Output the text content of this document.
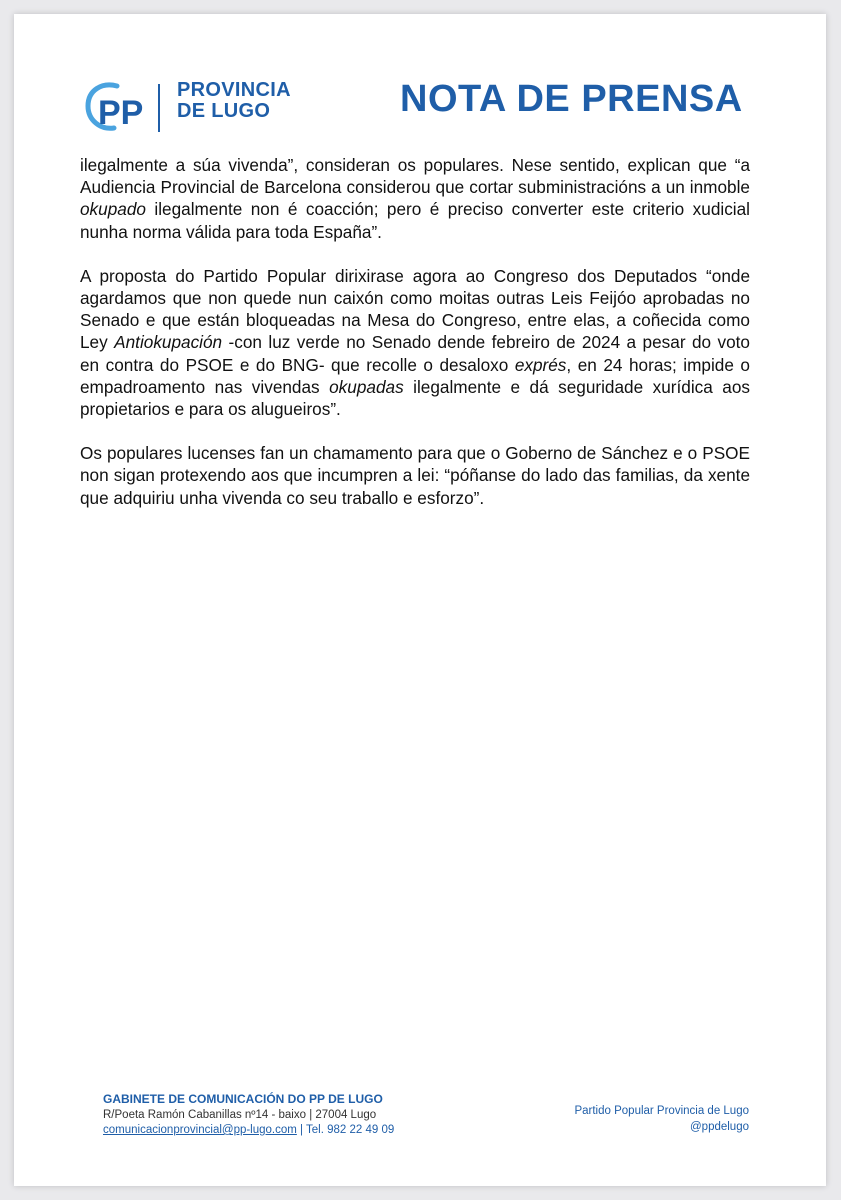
PP
PROVINCIA
DE LUGO	NOTA DE PRENSA

ilegalmente a súa vivenda”, consideran os populares. Nese sentido, explican que “a Audiencia Provincial de Barcelona considerou que cortar subministracións a un inmoble okupado ilegalmente non é coacción; pero é preciso converter este criterio xudicial nunha norma válida para toda España”.

A proposta do Partido Popular dirixirase agora ao Congreso dos Deputados “onde agardamos que non quede nun caixón como moitas outras Leis Feijóo aprobadas no Senado e que están bloqueadas na Mesa do Congreso, entre elas, a coñecida como Ley Antiokupación -con luz verde no Senado dende febreiro de 2024 a pesar do voto en contra do PSOE e do BNG- que recolle o desaloxo exprés, en 24 horas; impide o empadroamento nas vivendas okupadas ilegalmente e dá seguridade xurídica aos propietarios e para os alugueiros”.

Os populares lucenses fan un chamamento para que o Goberno de Sánchez e o PSOE non sigan protexendo aos que incumpren a lei: “póñanse do lado das familias, da xente que adquiriu unha vivenda co seu traballo e esforzo”.

GABINETE DE COMUNICACIÓN DO PP DE LUGO
R/Poeta Ramón Cabanillas nº14 - baixo | 27004 Lugo
comunicacionprovincial@pp-lugo.com | Tel. 982 22 49 09
Partido Popular Provincia de Lugo
@ppdelugo
